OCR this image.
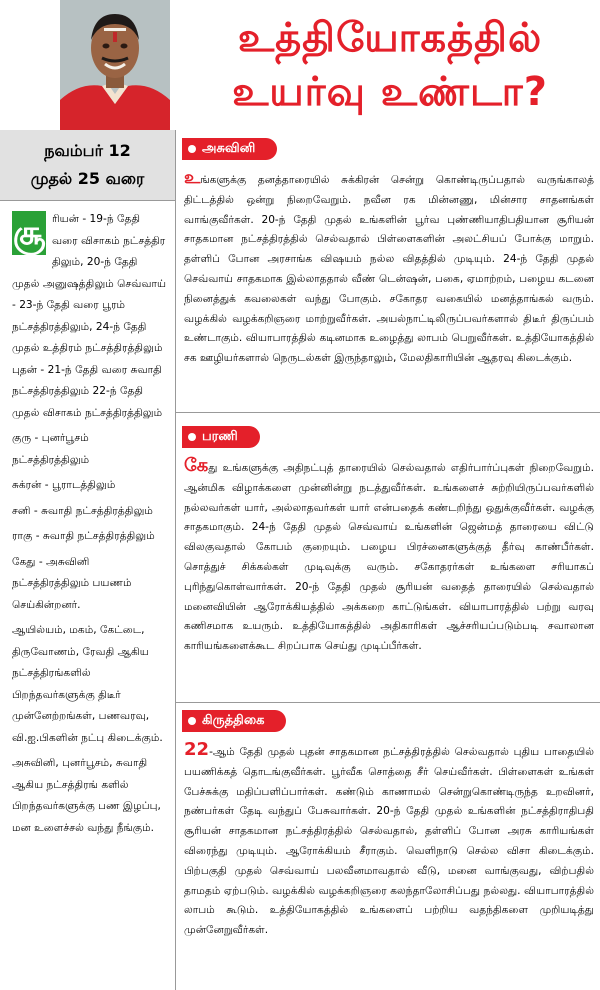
உத்தியோகத்தில்
உயர்வு உண்டா?
நவம்பர் 12
முதல் 25 வரை

சூ ரியன் - 19-ந் தேதி வரை விசாகம் நட்சத்திர திலும், 20-ந் தேதி முதல் அனுஷத்திலும் செவ்வாய் - 23-ந் தேதி வரை பூரம் நட்சத்திரத்திலும், 24-ந் தேதி முதல் உத்திரம் நட்சத்திரத்திலும் புதன் - 21-ந் தேதி வரை சுவாதி நட்சத்திரத்திலும் 22-ந் தேதி முதல் விசாகம் நட்சத்திரத்திலும்

குரு - புனர்பூசம் நட்சத்திரத்திலும்

சுக்ரன் - பூராடத்திலும்

சனி - சுவாதி நட்சத்திரத்திலும்

ராகு - சுவாதி நட்சத்திரத்திலும்

கேது - அசுவினி நட்சத்திரத்திலும் பயணம் செய்கின்றனர்.

ஆயில்யம், மகம், கேட்டை, திருவோணம், ரேவதி ஆகிய நட்சத்திரங்களில் பிறந்தவர்களுக்கு திடீர் முன்னேற்றங்கள், பணவரவு, வி.ஐ.பிகளின் நட்பு கிடைக்கும்.

அசுவினி, புனர்பூசம், சுவாதி ஆகிய நட்சத்திரங் களில் பிறந்தவர்களுக்கு பண இழப்பு, மன உளைச்சல் வந்து நீங்கும்.

அசுவினி
உங்களுக்கு தனத்தாரையில் சுக்கிரன் சென்று கொண்டிருப்பதால் வருங்காலத் திட்டத்தில் ஒன்று நிறைவேறும். நவீன ரக மின்னணு, மின்சார சாதனங்கள் வாங்குவீர்கள். 20-ந் தேதி முதல் உங்களின் பூர்வ புண்ணியாதிபதியான சூரியன் சாதகமான நட்சத்திரத்தில் செல்வதால் பிள்ளைகளின் அலட்சியப் போக்கு மாறும். தள்ளிப் போன அரசாங்க விஷயம் நல்ல விதத்தில் முடியும். 24-ந் தேதி முதல் செவ்வாய் சாதகமாக இல்லாததால் வீண் டென்ஷன், பகை, ஏமாற்றம், பழைய கடனை நினைத்துக் கவலைகள் வந்து போகும். சகோதர வகையில் மனத்தாங்கல் வரும். வழக்கில் வழக்கறிஞரை மாற்றுவீர்கள். அயல்நாட்டிலிருப்பவர்களால் திடீர் திருப்பம் உண்டாகும். வியாபாரத்தில் கடினமாக உழைத்து லாபம் பெறுவீர்கள். உத்தியோகத்தில் சக ஊழியர்களால் நெருடல்கள் இருந்தாலும், மேலதிகாரியின் ஆதரவு கிடைக்கும்.
பரணி
கேது உங்களுக்கு அதிநட்புத் தாரையில் செல்வதால் எதிர்பார்ப்புகள் நிறைவேறும். ஆன்மிக விழாக்களை முன்னின்று நடத்துவீர்கள். உங்களைச் சுற்றியிருப்பவர்களில் நல்லவர்கள் யார், அல்லாதவர்கள் யார் என்பதைக் கண்டறிந்து ஒதுக்குவீர்கள். வழக்கு சாதகமாகும். 24-ந் தேதி முதல் செவ்வாய் உங்களின் ஜென்மத் தாரையை விட்டு விலகுவதால் கோபம் குறையும். பழைய பிரச்னைகளுக்குத் தீர்வு காண்பீர்கள். சொத்துச் சிக்கல்கள் முடிவுக்கு வரும். சகோதரர்கள் உங்களை சரியாகப் புரிந்துகொள்வார்கள். 20-ந் தேதி முதல் சூரியன் வதைத் தாரையில் செல்வதால் மனைவியின் ஆரோக்கியத்தில் அக்கறை காட்டுங்கள். வியாபாரத்தில் பற்று வரவு கணிசமாக உயரும். உத்தியோகத்தில் அதிகாரிகள் ஆச்சரியப்படும்படி சவாலான காரியங்களைக்கூட சிறப்பாக செய்து முடிப்பீர்கள்.
கிருத்திகை
22-ஆம் தேதி முதல் புதன் சாதகமான நட்சத்திரத்தில் செல்வதால் புதிய பாதையில் பயணிக்கத் தொடங்குவீர்கள். பூர்வீக சொத்தை சீர் செய்வீர்கள். பிள்ளைகள் உங்கள் பேச்சுக்கு மதிப்பளிப்பார்கள். கண்டும் காணாமல் சென்றுகொண்டிருந்த உறவினர், நண்பர்கள் தேடி வந்துப் பேசுவார்கள். 20-ந் தேதி முதல் உங்களின் நட்சத்திராதிபதி சூரியன் சாதகமான நட்சத்திரத்தில் செல்வதால், தள்ளிப் போன அரசு காரியங்கள் விரைந்து முடியும். ஆரோக்கியம் சீராகும். வெளிநாடு செல்ல விசா கிடைக்கும். பிற்பகுதி முதல் செவ்வாய் பலவீனமாவதால் வீடு, மனை வாங்குவது, விற்பதில் தாமதம் ஏற்படும். வழக்கில் வழக்கறிஞரை கலந்தாலோசிப்பது நல்லது. வியாபாரத்தில் லாபம் கூடும். உத்தியோகத்தில் உங்களைப் பற்றிய வதந்திகளை முறியடித்து முன்னேறுவீர்கள்.
